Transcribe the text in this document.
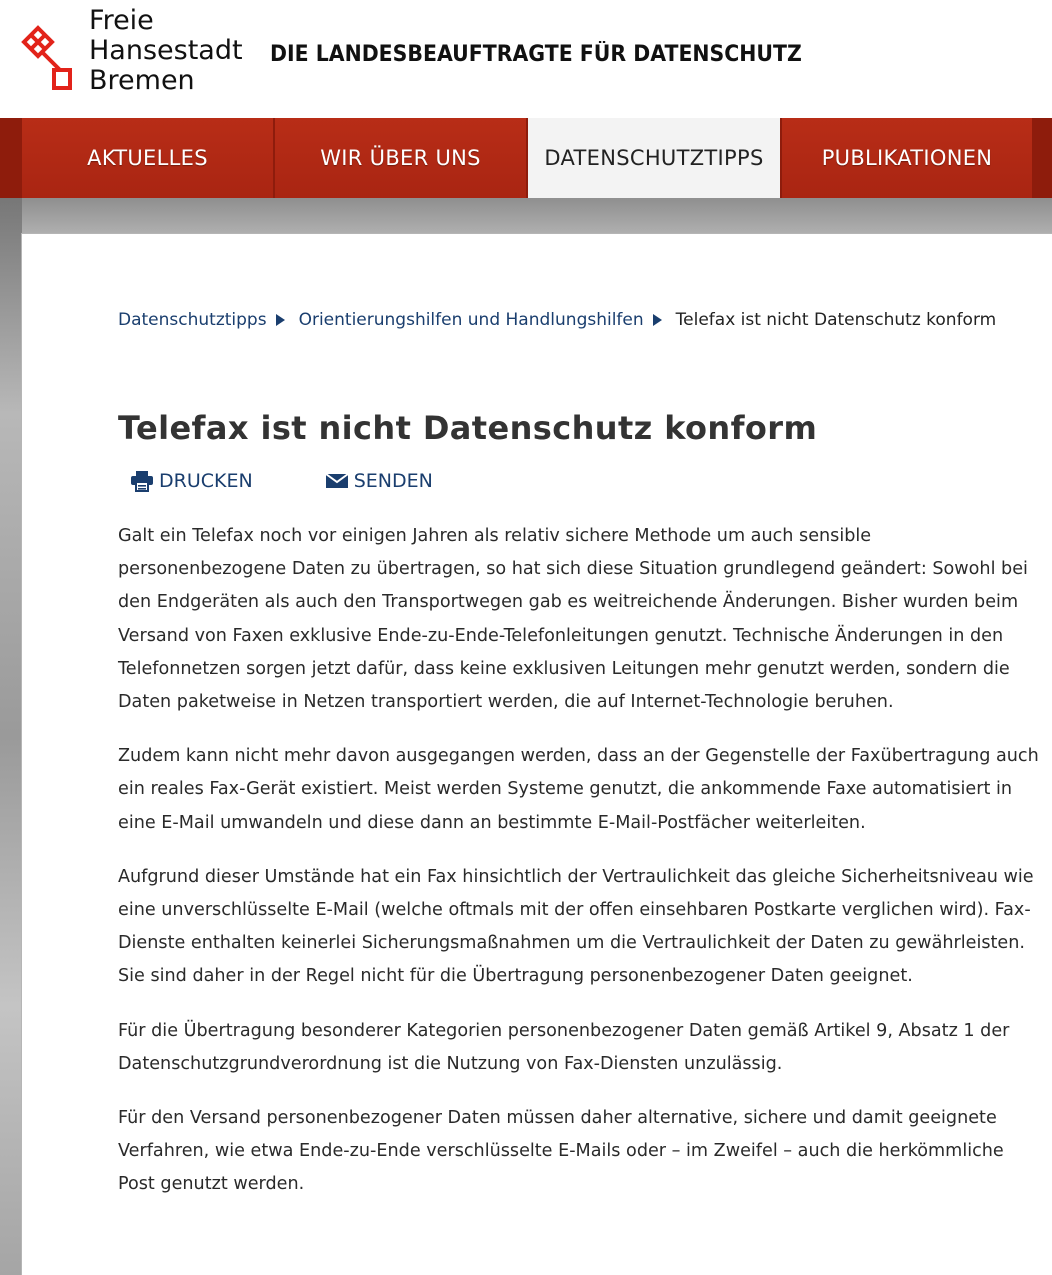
Freie
Hansestadt
Bremen
DIE LANDESBEAUFTRAGTE FÜR DATENSCHUTZ
AKTUELLES	WIR ÜBER UNS	DATENSCHUTZTIPPS	PUBLIKATIONEN
Datenschutztipps Orientierungshilfen und Handlungshilfen Telefax ist nicht Datenschutz konform
Telefax ist nicht Datenschutz konform
DRUCKEN	SENDEN

Galt ein Telefax noch vor einigen Jahren als relativ sichere Methode um auch sensible personenbezogene Daten zu übertragen, so hat sich diese Situation grundlegend geändert: Sowohl bei den Endgeräten als auch den Transportwegen gab es weitreichende Änderungen. Bisher wurden beim Versand von Faxen exklusive Ende-zu-Ende-Telefonleitungen genutzt. Technische Änderungen in den Telefonnetzen sorgen jetzt dafür, dass keine exklusiven Leitungen mehr genutzt werden, sondern die Daten paketweise in Netzen transportiert werden, die auf Internet-Technologie beruhen.

Zudem kann nicht mehr davon ausgegangen werden, dass an der Gegenstelle der Faxübertragung auch ein reales Fax-Gerät existiert. Meist werden Systeme genutzt, die ankommende Faxe automatisiert in eine E-Mail umwandeln und diese dann an bestimmte E-Mail-Postfächer weiterleiten.

Aufgrund dieser Umstände hat ein Fax hinsichtlich der Vertraulichkeit das gleiche Sicherheitsniveau wie eine unverschlüsselte E-Mail (welche oftmals mit der offen einsehbaren Postkarte verglichen wird). Fax-Dienste enthalten keinerlei Sicherungsmaßnahmen um die Vertraulichkeit der Daten zu gewährleisten. Sie sind daher in der Regel nicht für die Übertragung personenbezogener Daten geeignet.

Für die Übertragung besonderer Kategorien personenbezogener Daten gemäß Artikel 9, Absatz 1 der Datenschutzgrundverordnung ist die Nutzung von Fax-Diensten unzulässig.

Für den Versand personenbezogener Daten müssen daher alternative, sichere und damit geeignete Verfahren, wie etwa Ende-zu-Ende verschlüsselte E-Mails oder – im Zweifel – auch die herkömmliche Post genutzt werden.
